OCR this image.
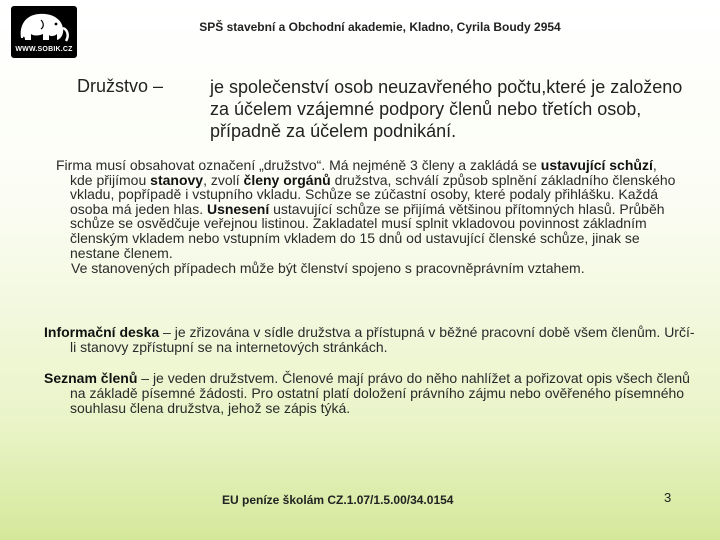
WWW.SOBIK.CZ
SPŠ stavební a Obchodní akademie, Kladno, Cyrila Boudy 2954
Družstvo –	je společenství osob neuzavřeného počtu,které je založeno za účelem vzájemné podpory členů nebo třetích osob, případně za účelem podnikání.
Firma musí obsahovat označení „družstvo“. Má nejméně 3 členy a zakládá se ustavující schůzí, kde přijímou stanovy, zvolí členy orgánů družstva, schválí způsob splnění základního členského vkladu, popřípadě i vstupního vkladu. Schůze se zúčastní osoby, které podaly přihlášku. Každá osoba má jeden hlas. Usnesení ustavující schůze se přijímá většinou přítomných hlasů. Průběh schůze se osvědčuje veřejnou listinou. Zakladatel musí splnit vkladovou povinnost základním členským vkladem nebo vstupním vkladem do 15 dnů od ustavující členské schůze, jinak se nestane členem.
Ve stanovených případech může být členství spojeno s pracovněprávním vztahem.
Informační deska – je zřizována v sídle družstva a přístupná v běžné pracovní době všem členům. Určí-li stanovy zpřístupní se na internetových stránkách.
Seznam členů – je veden družstvem. Členové mají právo do něho nahlížet a pořizovat opis všech členů na základě písemné žádosti. Pro ostatní platí doložení právního zájmu nebo ověřeného písemného souhlasu člena družstva, jehož se zápis týká.
EU peníze školám CZ.1.07/1.5.00/34.0154	3
